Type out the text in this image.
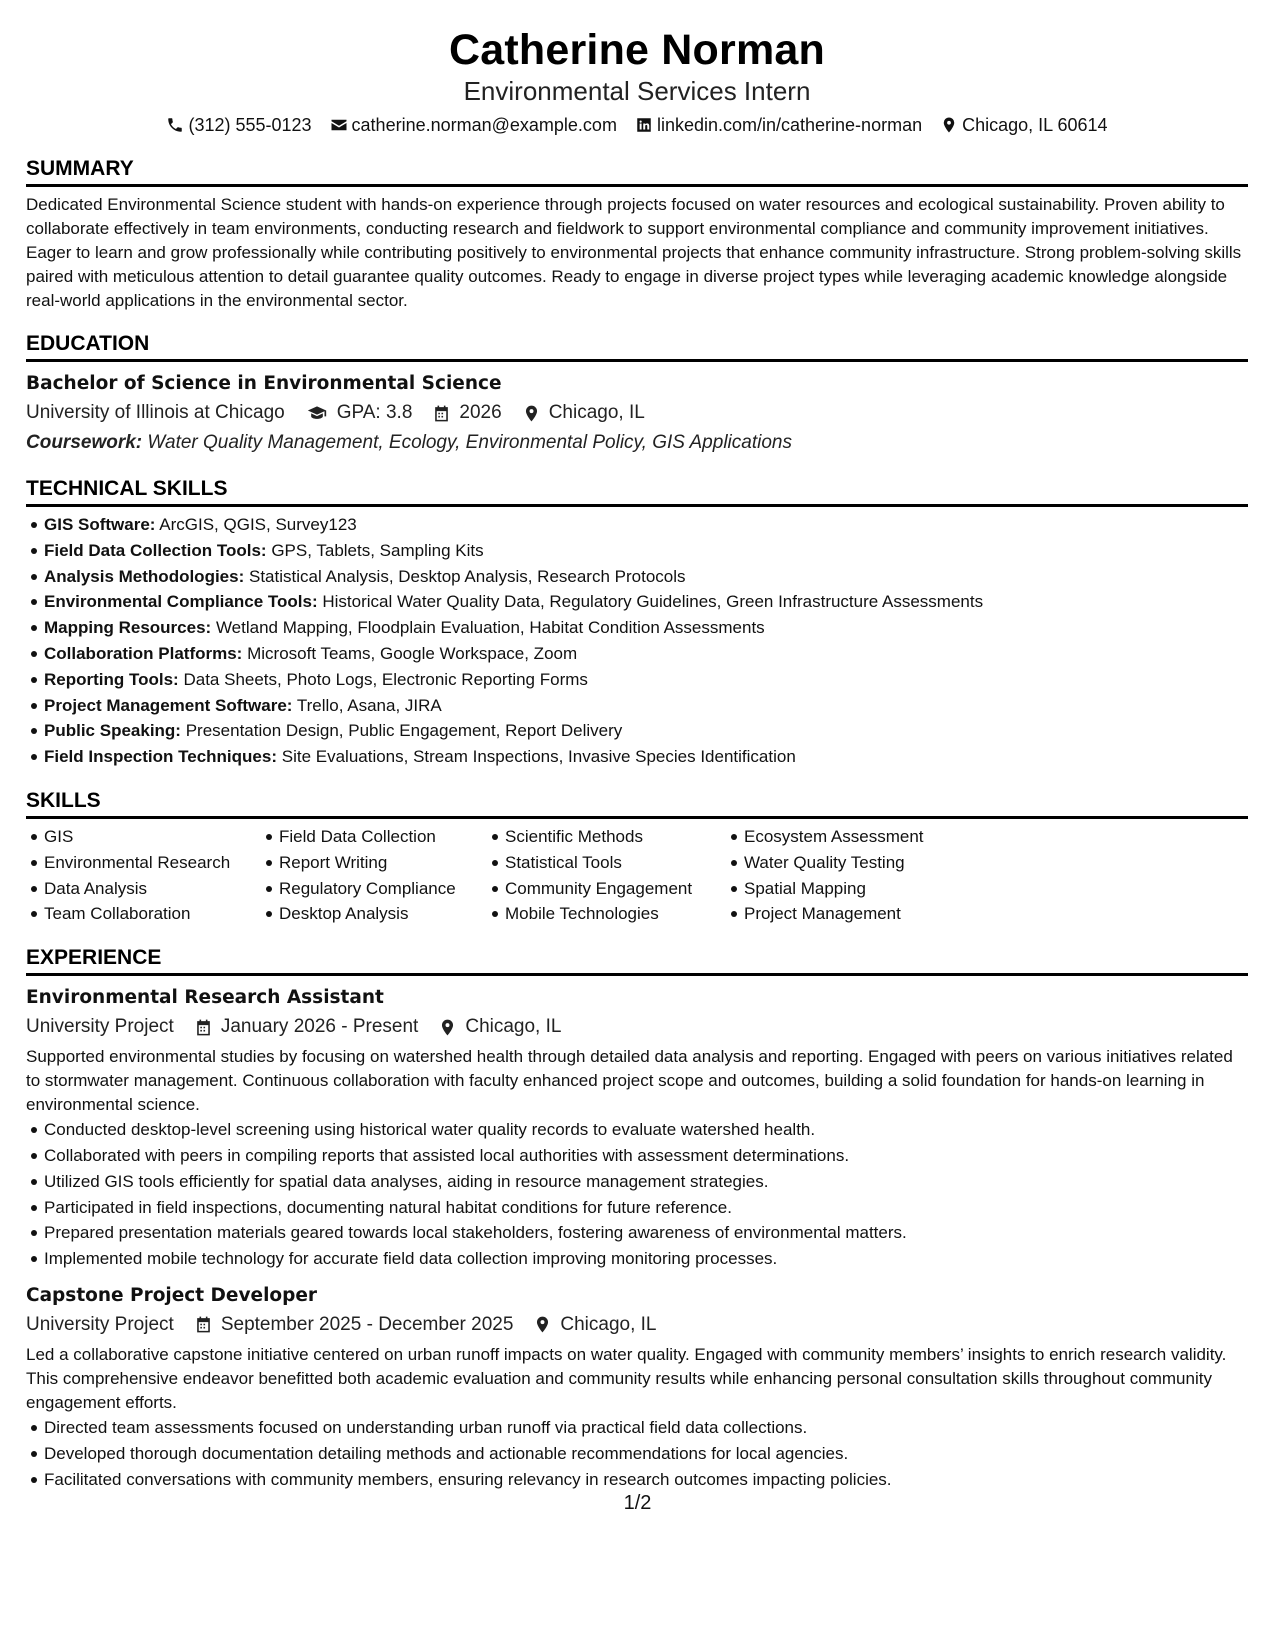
Catherine Norman
Environmental Services Intern
(312) 555-0123 catherine.norman@example.com linkedin.com/in/catherine-norman Chicago, IL 60614
SUMMARY
Dedicated Environmental Science student with hands-on experience through projects focused on water resources and ecological sustainability. Proven ability to collaborate effectively in team environments, conducting research and fieldwork to support environmental compliance and community improvement initiatives. Eager to learn and grow professionally while contributing positively to environmental projects that enhance community infrastructure. Strong problem-solving skills paired with meticulous attention to detail guarantee quality outcomes. Ready to engage in diverse project types while leveraging academic knowledge alongside real-world applications in the environmental sector.
EDUCATION
Bachelor of Science in Environmental Science
University of Illinois at Chicago	GPA: 3.8 2026 Chicago, IL
Coursework: Water Quality Management, Ecology, Environmental Policy, GIS Applications
TECHNICAL SKILLS
GIS Software: ArcGIS, QGIS, Survey123
Field Data Collection Tools: GPS, Tablets, Sampling Kits
Analysis Methodologies: Statistical Analysis, Desktop Analysis, Research Protocols
Environmental Compliance Tools: Historical Water Quality Data, Regulatory Guidelines, Green Infrastructure Assessments
Mapping Resources: Wetland Mapping, Floodplain Evaluation, Habitat Condition Assessments
Collaboration Platforms: Microsoft Teams, Google Workspace, Zoom
Reporting Tools: Data Sheets, Photo Logs, Electronic Reporting Forms
Project Management Software: Trello, Asana, JIRA
Public Speaking: Presentation Design, Public Engagement, Report Delivery
Field Inspection Techniques: Site Evaluations, Stream Inspections, Invasive Species Identification
SKILLS
GIS
Environmental Research
Data Analysis
Team Collaboration
Field Data Collection
Report Writing
Regulatory Compliance
Desktop Analysis
Scientific Methods
Statistical Tools
Community Engagement
Mobile Technologies
Ecosystem Assessment
Water Quality Testing
Spatial Mapping
Project Management
EXPERIENCE
Environmental Research Assistant
University Project January 2026 - Present Chicago, IL
Supported environmental studies by focusing on watershed health through detailed data analysis and reporting. Engaged with peers on various initiatives related to stormwater management. Continuous collaboration with faculty enhanced project scope and outcomes, building a solid foundation for hands-on learning in environmental science.
Conducted desktop-level screening using historical water quality records to evaluate watershed health.
Collaborated with peers in compiling reports that assisted local authorities with assessment determinations.
Utilized GIS tools efficiently for spatial data analyses, aiding in resource management strategies.
Participated in field inspections, documenting natural habitat conditions for future reference.
Prepared presentation materials geared towards local stakeholders, fostering awareness of environmental matters.
Implemented mobile technology for accurate field data collection improving monitoring processes.
Capstone Project Developer
University Project September 2025 - December 2025 Chicago, IL
Led a collaborative capstone initiative centered on urban runoff impacts on water quality. Engaged with community members’ insights to enrich research validity. This comprehensive endeavor benefitted both academic evaluation and community results while enhancing personal consultation skills throughout community engagement efforts.
Directed team assessments focused on understanding urban runoff via practical field data collections.
Developed thorough documentation detailing methods and actionable recommendations for local agencies.
Facilitated conversations with community members, ensuring relevancy in research outcomes impacting policies.
1/2
